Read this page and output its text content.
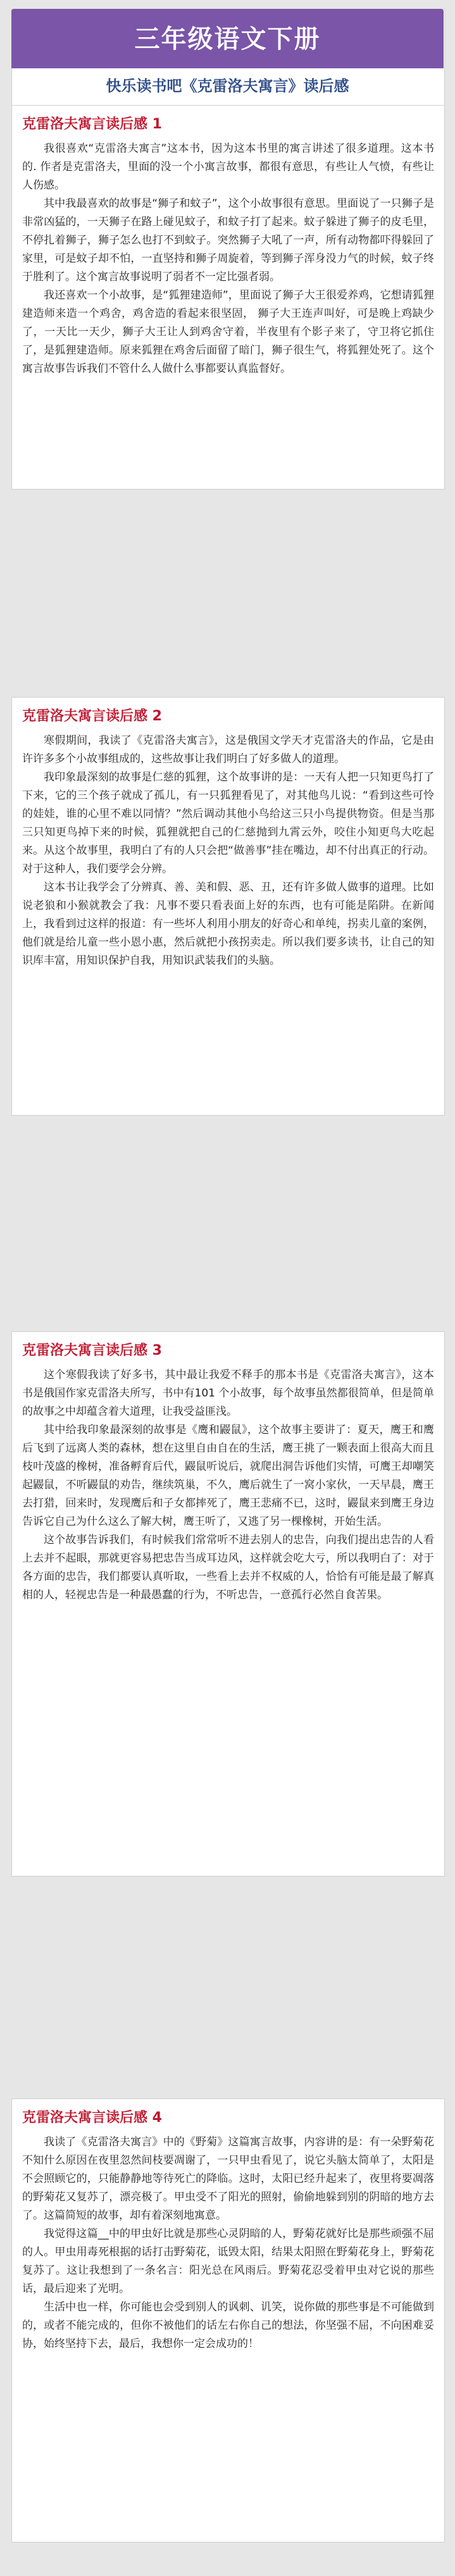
三年级语文下册
快乐读书吧《克雷洛夫寓言》读后感
克雷洛夫寓言读后感 1

我很喜欢“克雷洛夫寓言”这本书，因为这本书里的寓言讲述了很多道理。这本书的. 作者是克雷洛夫，里面的没一个小寓言故事，都很有意思，有些让人气愤，有些让人伤感。

其中我最喜欢的故事是“狮子和蚊子”，这个小故事很有意思。里面说了一只狮子是非常凶猛的，一天狮子在路上碰见蚊子，和蚊子打了起来。蚊子躲进了狮子的皮毛里，不停扎着狮子，狮子怎么也打不到蚊子。突然狮子大吼了一声，所有动物都吓得躲回了家里，可是蚊子却不怕，一直坚持和狮子周旋着，等到狮子浑身没力气的时候，蚊子终于胜利了。这个寓言故事说明了弱者不一定比强者弱。

我还喜欢一个小故事，是“狐狸建造师”，里面说了狮子大王很爱养鸡，它想请狐狸建造师来造一个鸡舍，鸡舍造的看起来很坚固， 狮子大王连声叫好，可是晚上鸡缺少了，一天比一天少，狮子大王让人到鸡舍守着，半夜里有个影子来了，守卫将它抓住了，是狐狸建造师。原来狐狸在鸡舍后面留了暗门，狮子很生气，将狐狸处死了。这个寓言故事告诉我们不管什么人做什么事都要认真监督好。

克雷洛夫寓言读后感 2

寒假期间，我读了《克雷洛夫寓言》，这是俄国文学天才克雷洛夫的作品，它是由许许多多个小故事组成的，这些故事让我们明白了好多做人的道理。

我印象最深刻的故事是仁慈的狐狸，这个故事讲的是：一天有人把一只知更鸟打了下来，它的三个孩子就成了孤儿，有一只狐狸看见了，对其他鸟儿说：“看到这些可怜的娃娃，谁的心里不难以同情？”然后调动其他小鸟给这三只小鸟提供物资。但是当那三只知更鸟掉下来的时候，狐狸就把自己的仁慈抛到九霄云外，咬住小知更鸟大吃起来。从这个故事里，我明白了有的人只会把“做善事”挂在嘴边，却不付出真正的行动。对于这种人，我们要学会分辨。

这本书让我学会了分辨真、善、美和假、恶、丑，还有许多做人做事的道理。比如说老狼和小猴就教会了我：凡事不要只看表面上好的东西，也有可能是陷阱。在新闻上，我看到过这样的报道：有一些坏人利用小朋友的好奇心和单纯，拐卖儿童的案例，他们就是给儿童一些小恩小惠，然后就把小孩拐卖走。所以我们要多读书，让自己的知识库丰富，用知识保护自我，用知识武装我们的头脑。

克雷洛夫寓言读后感 3

这个寒假我读了好多书，其中最让我爱不释手的那本书是《克雷洛夫寓言》，这本书是俄国作家克雷洛夫所写，书中有101 个小故事，每个故事虽然都很简单，但是简单的故事之中却蕴含着大道理，让我受益匪浅。

其中给我印象最深刻的故事是《鹰和鼹鼠》，这个故事主要讲了：夏天，鹰王和鹰后飞到了远离人类的森林，想在这里自由自在的生活，鹰王挑了一颗表面上很高大而且枝叶茂盛的橡树，准备孵育后代，鼹鼠听说后，就爬出洞告诉他们实情，可鹰王却嘲笑起鼹鼠，不听鼹鼠的劝告，继续筑巢，不久，鹰后就生了一窝小家伙，一天早晨，鹰王去打猎，回来时，发现鹰后和子女都摔死了，鹰王悲痛不已，这时，鼹鼠来到鹰王身边告诉它自己为什么这么了解大树，鹰王听了，又逃了另一棵橡树，开始生活。

这个故事告诉我们，有时候我们常常听不进去别人的忠告，向我们提出忠告的人看上去并不起眼，那就更容易把忠告当成耳边风，这样就会吃大亏，所以我明白了：对于各方面的忠告，我们都要认真听取，一些看上去并不权威的人，恰恰有可能是最了解真相的人，轻视忠告是一种最愚蠢的行为，不听忠告，一意孤行必然自食苦果。

克雷洛夫寓言读后感 4

我读了《克雷洛夫寓言》中的《野菊》这篇寓言故事，内容讲的是：有一朵野菊花不知什么原因在夜里忽然间枝要凋谢了，一只甲虫看见了，说它头脑太简单了，太阳是不会照顾它的，只能静静地等待死亡的降临。这时，太阳已经升起来了，夜里将要凋落的野菊花又复苏了，漂亮极了。甲虫受不了阳光的照射，偷偷地躲到别的阴暗的地方去了。这篇简短的故事，却有着深刻地寓意。

我觉得这篇__中的甲虫好比就是那些心灵阴暗的人，野菊花就好比是那些顽强不屈的人。甲虫用毒死根据的话打击野菊花，诋毁太阳，结果太阳照在野菊花身上，野菊花复苏了。这让我想到了一条名言：阳光总在风雨后。野菊花忍受着甲虫对它说的那些话，最后迎来了光明。

生活中也一样，你可能也会受到别人的讽刺、讥笑，说你做的那些事是不可能做到的，或者不能完成的，但你不被他们的话左右你自己的想法，你坚强不屈，不向困难妥协，始终坚持下去，最后，我想你一定会成功的！
